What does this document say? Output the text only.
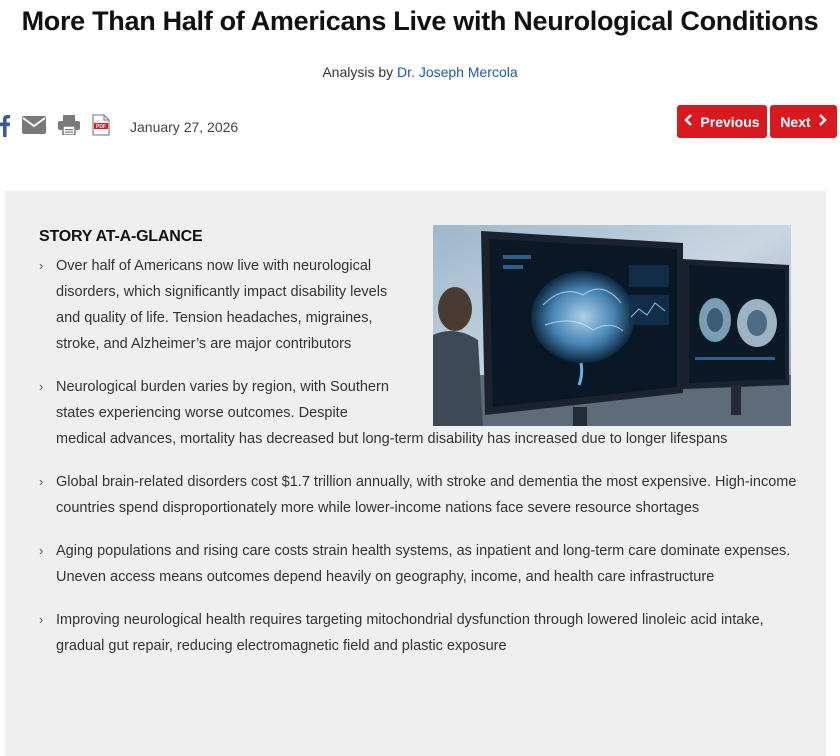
More Than Half of Americans Live with Neurological Conditions
Analysis by Dr. Joseph Mercola
PDF January 27, 2026	Previous Next
STORY AT-A-GLANCE
› Over half of Americans now live with neurological disorders, which significantly impact disability levels and quality of life. Tension headaches, migraines, stroke, and Alzheimer’s are major contributors
› Neurological burden varies by region, with Southern states experiencing worse outcomes. Despite
medical advances, mortality has decreased but long-term disability has increased due to longer lifespans
› Global brain-related disorders cost $1.7 trillion annually, with stroke and dementia the most expensive. High-income countries spend disproportionately more while lower-income nations face severe resource shortages
› Aging populations and rising care costs strain health systems, as inpatient and long-term care dominate expenses. Uneven access means outcomes depend heavily on geography, income, and health care infrastructure
› Improving neurological health requires targeting mitochondrial dysfunction through lowered linoleic acid intake, gradual gut repair, reducing electromagnetic field and plastic exposure
